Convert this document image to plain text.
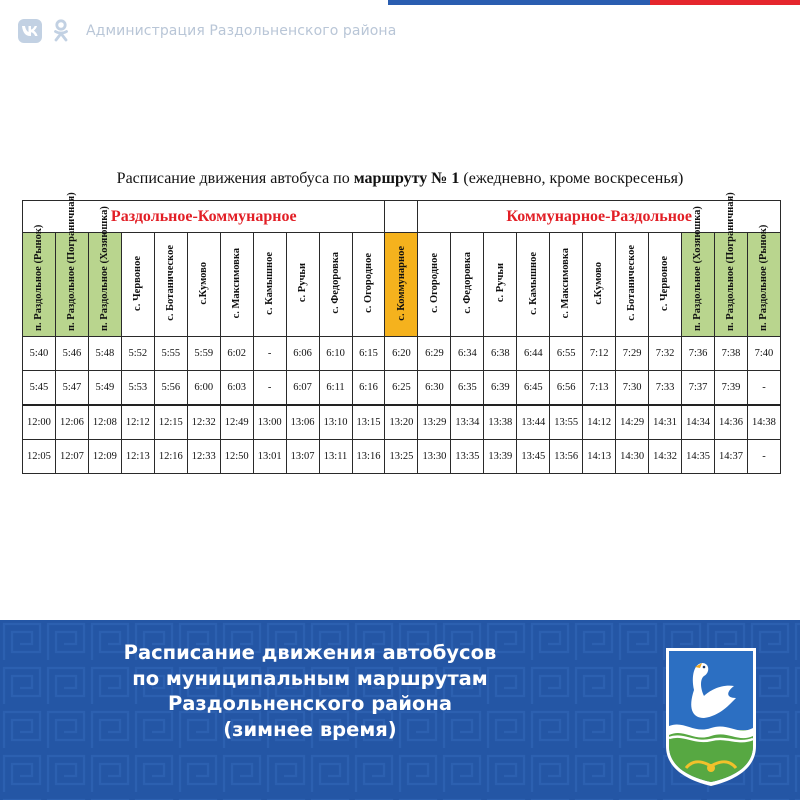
Администрация Раздольненского района
Расписание движения автобуса по маршруту № 1 (ежедневно, кроме воскресенья)
Раздольное-Коммунарное												Коммунарное-Раздольное										
п. Раздольное (Рынок)	п. Раздольное (Пограничная)	п. Раздольное (Хозяюшка)	с. Червоное	с. Ботаническое	с.Кумово	с. Максимовка	с. Камышное	с. Ручьи	с. Федоровка	с. Огородное	с. Коммунарное	с. Огородное	с. Федоровка	с. Ручьи	с. Камышное	с. Максимовка	с.Кумово	с. Ботаническое	с. Червоное	п. Раздольное (Хозяюшка)	п. Раздольное (Пограничная)	п. Раздольное (Рынок)
5:40	5:46	5:48	5:52	5:55	5:59	6:02	-	6:06	6:10	6:15	6:20	6:29	6:34	6:38	6:44	6:55	7:12	7:29	7:32	7:36	7:38	7:40
5:45	5:47	5:49	5:53	5:56	6:00	6:03	-	6:07	6:11	6:16	6:25	6:30	6:35	6:39	6:45	6:56	7:13	7:30	7:33	7:37	7:39	-
12:00	12:06	12:08	12:12	12:15	12:32	12:49	13:00	13:06	13:10	13:15	13:20	13:29	13:34	13:38	13:44	13:55	14:12	14:29	14:31	14:34	14:36	14:38
12:05	12:07	12:09	12:13	12:16	12:33	12:50	13:01	13:07	13:11	13:16	13:25	13:30	13:35	13:39	13:45	13:56	14:13	14:30	14:32	14:35	14:37	-
Расписание движения автобусов
по муниципальным маршрутам
Раздольненского района
(зимнее время)
